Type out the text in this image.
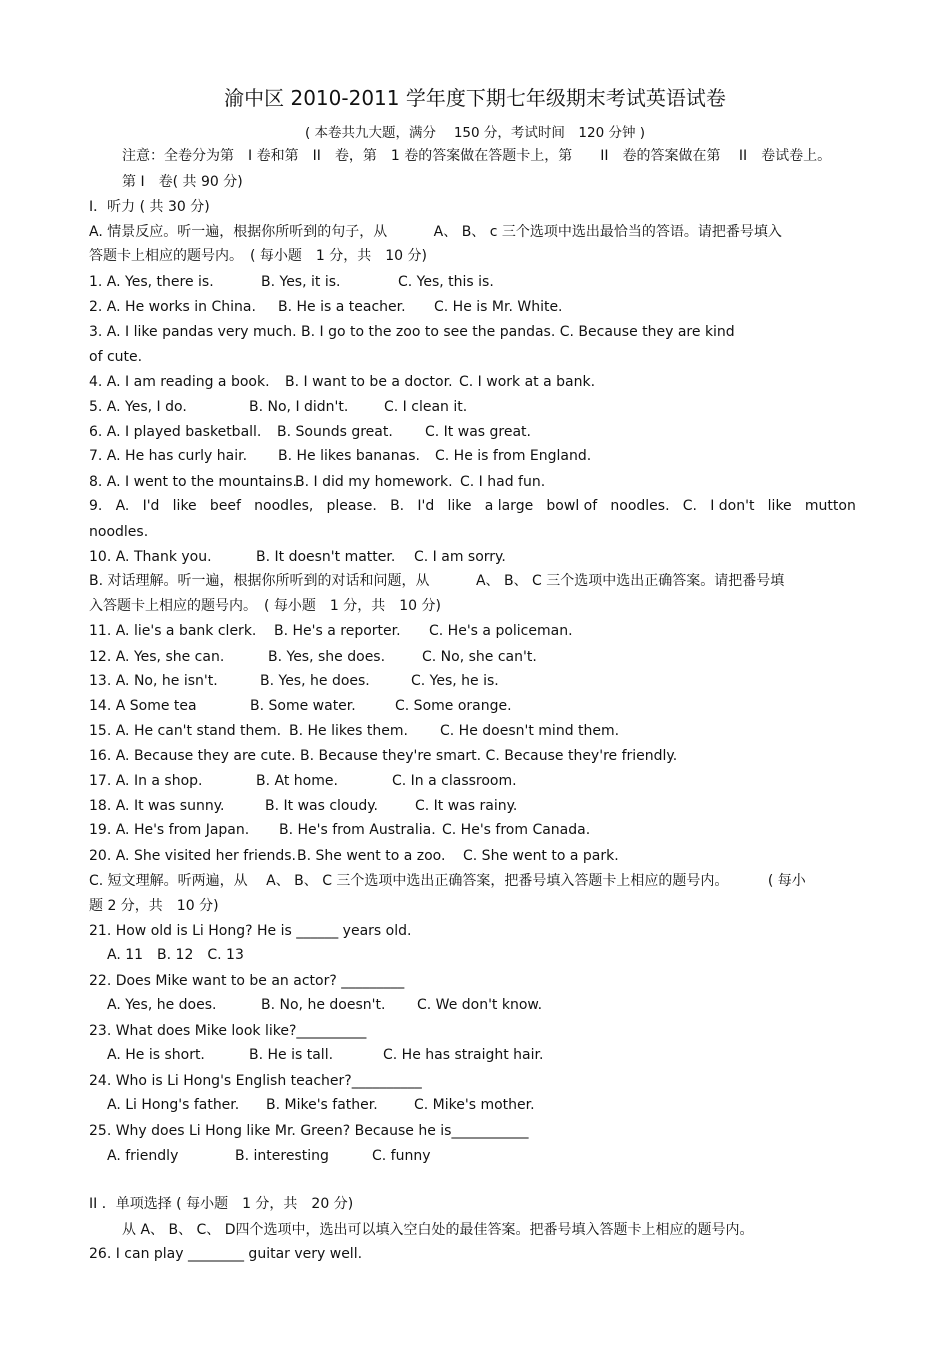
渝中区 2010-2011 学年度下期七年级期末考试英语试卷
( 本卷共九大题，满分　 150 分，考试时间　120 分钟 )
注意：全卷分为第　I 卷和第　II　卷，第　1 卷的答案做在答题卡上，第　　II　卷的答案做在第　 II　卷试卷上。
第 I　卷( 共 90 分)
I．听力 ( 共 30 分)
A. 情景反应。听一遍，根据你所听到的句子，从　　　 A、 B、 c 三个选项中选出最恰当的答语。请把番号填入
答题卡上相应的题号内。　( 每小题　1 分，共　10 分)
1. A. Yes, there is.	B. Yes, it is.	C. Yes, this is.
2. A. He works in China. B. He is a teacher. C. He is Mr. White.
3. A. I like pandas very much. B. I go to the zoo to see the pandas. C. Because they are kind
of cute.
4. A. I am reading a book. B. I want to be a doctor. C. I work at a bank.
5. A. Yes, I do.	B. No, I didn't.	C. I clean it.
6. A. I played basketball. B. Sounds great. C. It was great.
7. A. He has curly hair. B. He likes bananas. C. He is from England.
8. A. I went to the mountains.B. I did my homework. C. I had fun.
9. A. I'd like beef noodles, please. B. I'd like a large bowl of noodles. C. I don't like mutton
noodles.
10. A. Thank you.	B. It doesn't matter. C. I am sorry.
B. 对话理解。听一遍，根据你所听到的对话和问题，从　　　 A、 B、 C 三个选项中选出正确答案。请把番号填
入答题卡上相应的题号内。　( 每小题　1 分，共　10 分)
11. A. lie's a bank clerk. B. He's a reporter. C. He's a policeman.
12. A. Yes, she can.	B. Yes, she does.	C. No, she can't.
13. A. No, he isn't.	B. Yes, he does.	C. Yes, he is.
14. A Some tea	B. Some water.	C. Some orange.
15. A. He can't stand them. B. He likes them. C. He doesn't mind them.
16. A. Because they are cute. B. Because they're smart. C. Because they're friendly.
17. A. In a shop.	B. At home.	C. In a classroom.
18. A. It was sunny.	B. It was cloudy.	C. It was rainy.
19. A. He's from Japan. B. He's from Australia. C. He's from Canada.
20. A. She visited her friends.B. She went to a zoo. C. She went to a park.
C. 短文理解。听两遍，从　 A、 B、 C 三个选项中选出正确答案，把番号填入答题卡上相应的题号内。　　　 ( 每小
题 2 分，共　10 分)
21. How old is Li Hong? He is ______ years old.
A. 11　B. 12　C. 13
22. Does Mike want to be an actor? _________
A. Yes, he does.	B. No, he doesn't. C. We don't know.
23. What does Mike look like?__________
A. He is short.	B. He is tall.	C. He has straight hair.
24. Who is Li Hong's English teacher?__________
A. Li Hong's father. B. Mike's father.	C. Mike's mother.
25. Why does Li Hong like Mr. Green? Because he is___________
A. friendly	B. interesting	C. funny
II ．单项选择 ( 每小题　1 分，共　20 分)
从 A、 B、 C、 D四个选项中，选出可以填入空白处的最佳答案。把番号填入答题卡上相应的题号内。
26. I can play ________ guitar very well.
